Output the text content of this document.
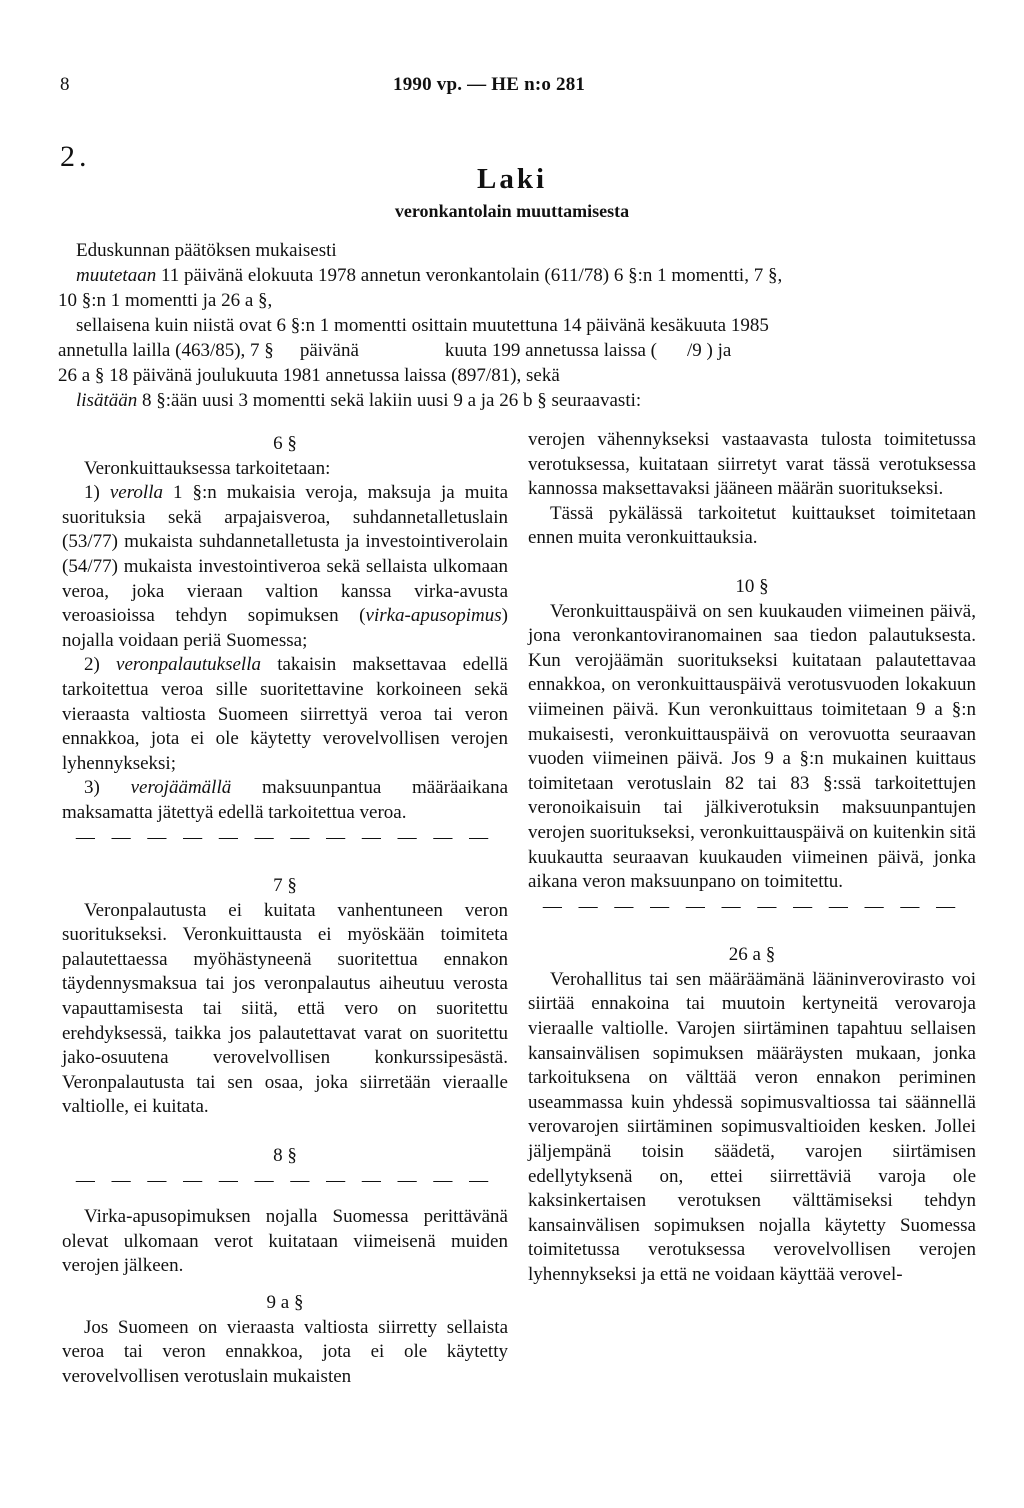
8	1990 vp. — HE n:o 281
2.
Laki
veronkantolain muuttamisesta
Eduskunnan päätöksen mukaisesti
muutetaan 11 päivänä elokuuta 1978 annetun veronkantolain (611/78) 6 §:n 1 momentti, 7 §,
10 §:n 1 momentti ja 26 a §,
sellaisena kuin niistä ovat 6 §:n 1 momentti osittain muutettuna 14 päivänä kesäkuuta 1985
annetulla lailla (463/85), 7 § päivänä	kuuta 199 annetussa laissa ( /9 ) ja
26 a § 18 päivänä joulukuuta 1981 annetussa laissa (897/81), sekä
lisätään 8 §:ään uusi 3 momentti sekä lakiin uusi 9 a ja 26 b § seuraavasti:

6 §

Veronkuittauksessa tarkoitetaan:

1) verolla 1 §:n mukaisia veroja, maksuja ja muita suorituksia sekä arpajaisveroa, suhdannetalletuslain (53/77) mukaista suhdannetalletusta ja investointiverolain (54/77) mukaista investointiveroa sekä sellaista ulkomaan veroa, joka vieraan valtion kanssa virka-avusta veroasioissa tehdyn sopimuksen (virka-apusopimus) nojalla voidaan periä Suomessa;

2) veronpalautuksella takaisin maksettavaa edellä tarkoitettua veroa sille suoritettavine korkoineen sekä vieraasta valtiosta Suomeen siirrettyä veroa tai veron ennakkoa, jota ei ole käytetty verovelvollisen verojen lyhennykseksi;

3) verojäämällä maksuunpantua määräaikana maksamatta jätettyä edellä tarkoitettua veroa.

— — — — — — — — — — — —

7 §

Veronpalautusta ei kuitata vanhentuneen veron suoritukseksi. Veronkuittausta ei myöskään toimiteta palautettaessa myöhästyneenä suoritettua ennakon täydennysmaksua tai jos veronpalautus aiheutuu verosta vapauttamisesta tai siitä, että vero on suoritettu erehdyksessä, taikka jos palautettavat varat on suoritettu jako-osuutena verovelvollisen konkurssipesästä. Veronpalautusta tai sen osaa, joka siirretään vieraalle valtiolle, ei kuitata.

8 §

— — — — — — — — — — — —

Virka-apusopimuksen nojalla Suomessa perittävänä olevat ulkomaan verot kuitataan viimeisenä muiden verojen jälkeen.

9 a §

Jos Suomeen on vieraasta valtiosta siirretty sellaista veroa tai veron ennakkoa, jota ei ole käytetty verovelvollisen verotuslain mukaisten

verojen vähennykseksi vastaavasta tulosta toimitetussa verotuksessa, kuitataan siirretyt varat tässä verotuksessa kannossa maksettavaksi jääneen määrän suoritukseksi.

Tässä pykälässä tarkoitetut kuittaukset toimitetaan ennen muita veronkuittauksia.

10 §

Veronkuittauspäivä on sen kuukauden viimeinen päivä, jona veronkantoviranomainen saa tiedon palautuksesta. Kun verojäämän suoritukseksi kuitataan palautettavaa ennakkoa, on veronkuittauspäivä verotusvuoden lokakuun viimeinen päivä. Kun veronkuittaus toimitetaan 9 a §:n mukaisesti, veronkuittauspäivä on verovuotta seuraavan vuoden viimeinen päivä. Jos 9 a §:n mukainen kuittaus toimitetaan verotuslain 82 tai 83 §:ssä tarkoitettujen veronoikaisuin tai jälkiverotuksin maksuunpantujen verojen suoritukseksi, veronkuittauspäivä on kuitenkin sitä kuukautta seuraavan kuukauden viimeinen päivä, jonka aikana veron maksuunpano on toimitettu.

— — — — — — — — — — — —

26 a §

Verohallitus tai sen määräämänä lääninverovirasto voi siirtää ennakoina tai muutoin kertyneitä verovaroja vieraalle valtiolle. Varojen siirtäminen tapahtuu sellaisen kansainvälisen sopimuksen määräysten mukaan, jonka tarkoituksena on välttää veron ennakon periminen useammassa kuin yhdessä sopimusvaltiossa tai säännellä verovarojen siirtäminen sopimusvaltioiden kesken. Jollei jäljempänä toisin säädetä, varojen siirtämisen edellytyksenä on, ettei siirrettäviä varoja ole kaksinkertaisen verotuksen välttämiseksi tehdyn kansainvälisen sopimuksen nojalla käytetty Suomessa toimitetussa verotuksessa verovelvollisen verojen lyhennykseksi ja että ne voidaan käyttää verovel-
